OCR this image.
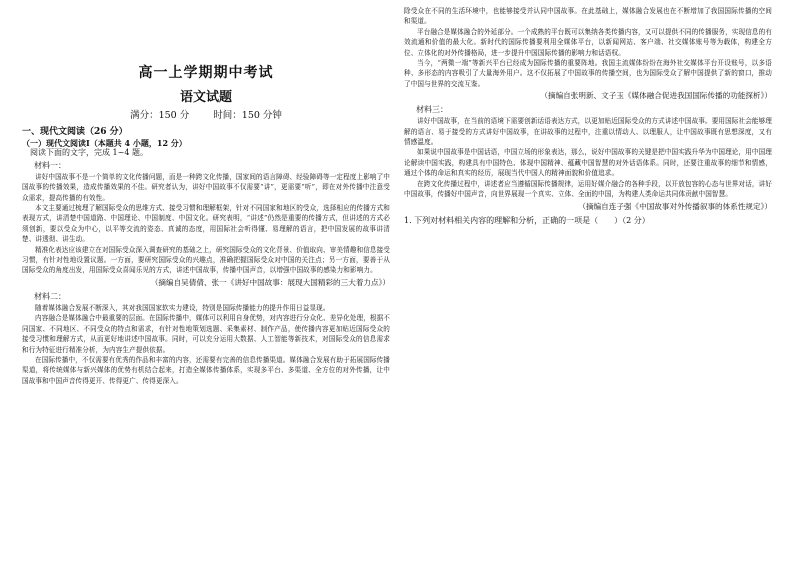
高一上学期期中考试
语文试题
满分：150 分	时间：150 分钟
一、现代文阅读（26 分）
（一）现代文阅读Ⅰ（本题共 4 小题，12 分）
阅读下面的文字，完成 1~4 题。
材料一：

讲好中国故事不是一个简单的文化传播问题，而是一种跨文化传播，国家间的语言障碍、经验障碍等一定程度上影响了中国故事的传播效果，造成传播效果的不佳。研究者认为，讲好中国故事不仅需要“讲”，更需要“听”，即在对外传播中注意受众需求，提高传播的有效性。

本文主要通过梳理了解国际受众的思维方式、接受习惯和理解框架，针对不同国家和地区的受众，选择相应的传播方式和表现方式，讲清楚中国道路、中国理论、中国制度、中国文化。研究表明，“讲述”仍然是重要的传播方式，但讲述的方式必须创新，要以受众为中心，以平等交流的姿态、真诚的态度，用国际社会听得懂、易理解的语言，把中国发展的故事讲清楚、讲透彻、讲生动。

精准化表达应该建立在对国际受众深入调查研究的基础之上，研究国际受众的文化背景、价值取向、审美情趣和信息接受习惯，有针对性地设置议题。一方面，要研究国际受众的兴趣点，准确把握国际受众对中国的关注点；另一方面，要善于从国际受众的角度出发，用国际受众喜闻乐见的方式，讲述中国故事，传播中国声音，以增强中国故事的感染力和影响力。

（摘编自吴倩倩、张一《讲好中国故事：展现大国精彩的三大着力点》）
材料二：

随着媒体融合发展不断深入，其对我国国家软实力建设，特别是国际传播能力的提升作用日益显现。

内容融合是媒体融合中最重要的层面。在国际传播中，媒体可以利用自身优势，对内容进行分众化、差异化处理，根据不同国家、不同地区、不同受众的特点和需求，有针对性地策划选题、采集素材、制作产品，使传播内容更加贴近国际受众的接受习惯和理解方式，从而更好地讲述中国故事。同时，可以充分运用大数据、人工智能等新技术，对国际受众的信息需求和行为特征进行精准分析，为内容生产提供依据。

在国际传播中，不仅需要有优秀的作品和丰富的内容，还需要有完善的信息传播渠道。媒体融合发展有助于拓展国际传播渠道，将传统媒体与新兴媒体的优势有机结合起来，打造全媒体传播体系，实现多平台、多渠道、全方位的对外传播，让中国故事和中国声音传得更开、传得更广、传得更深入。

除受众在不同的生活环境中，也能够接受并认同中国故事。在此基础上，媒体融合发展也在不断增加了我国国际传播的空间和渠道。

平台融合是媒体融合的外延部分。一个成熟的平台既可以集纳各类传播内容，又可以提供不同的传播服务，实现信息的有效流通和价值的最大化。新时代的国际传播要利用全媒体平台，以新闻网站、客户端、社交媒体账号等为载体，构建全方位、立体化的对外传播格局，进一步提升中国国际传播的影响力和话语权。

当今，“两微一端”等新兴平台已经成为国际传播的重要阵地。我国主流媒体纷纷在海外社交媒体平台开设账号，以多语种、多形态的内容吸引了大量海外用户。这不仅拓展了中国故事的传播空间，也为国际受众了解中国提供了新的窗口，推动了中国与世界的交流互鉴。

（摘编自张明新、文子玉《媒体融合促进我国国际传播的功能探析》）
材料三：

讲好中国故事，在当前的语境下需要创新话语表达方式，以更加贴近国际受众的方式讲述中国故事。要用国际社会能够理解的语言、易于接受的方式讲好中国故事，在讲故事的过程中，注重以情动人、以理服人，让中国故事既有思想深度，又有情感温度。

如果说中国故事是中国话语，中国立场的形象表达，那么，说好中国故事的关键是把中国实践升华为中国理论，用中国理论解读中国实践，构建具有中国特色、体现中国精神、蕴藏中国智慧的对外话语体系。同时，还要注重故事的细节和情感，通过个体的命运和真实的经历，展现当代中国人的精神面貌和价值追求。

在跨文化传播过程中，讲述者应当遵循国际传播规律，运用好媒介融合的各种手段，以开放包容的心态与世界对话，讲好中国故事，传播好中国声音，向世界展现一个真实、立体、全面的中国，为构建人类命运共同体贡献中国智慧。

（摘编自连子强《中国故事对外传播叙事的体系性规定》）
1. 下列对材料相关内容的理解和分析，正确的一项是（　　）（2 分）
